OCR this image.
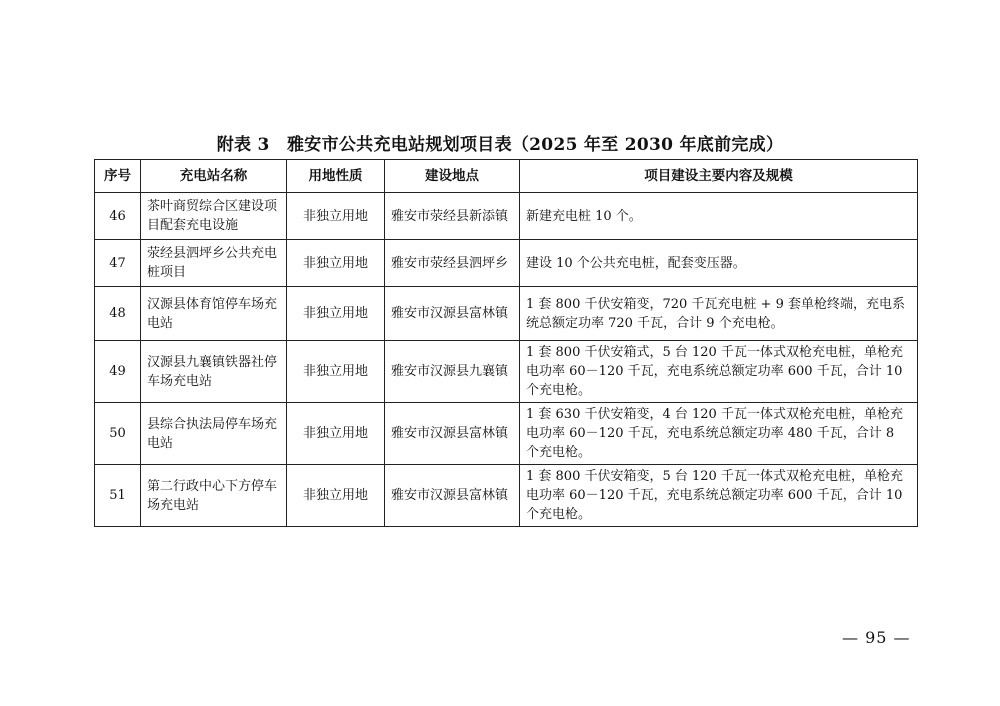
附表 3　雅安市公共充电站规划项目表（2025 年至 2030 年底前完成）
序号	充电站名称	用地性质	建设地点	项目建设主要内容及规模
46	茶叶商贸综合区建设项目配套充电设施	非独立用地	雅安市荥经县新添镇	新建充电桩 10 个。
47	荥经县泗坪乡公共充电桩项目	非独立用地	雅安市荥经县泗坪乡	建设 10 个公共充电桩，配套变压器。
48	汉源县体育馆停车场充电站	非独立用地	雅安市汉源县富林镇	1 套 800 千伏安箱变，720 千瓦充电桩 + 9 套单枪终端，充电系统总额定功率 720 千瓦，合计 9 个充电枪。
49	汉源县九襄镇铁器社停车场充电站	非独立用地	雅安市汉源县九襄镇	1 套 800 千伏安箱式，5 台 120 千瓦一体式双枪充电桩，单枪充电功率 60－120 千瓦，充电系统总额定功率 600 千瓦，合计 10 个充电枪。
50	县综合执法局停车场充电站	非独立用地	雅安市汉源县富林镇	1 套 630 千伏安箱变，4 台 120 千瓦一体式双枪充电桩，单枪充电功率 60－120 千瓦，充电系统总额定功率 480 千瓦，合计 8 个充电枪。
51	第二行政中心下方停车场充电站	非独立用地	雅安市汉源县富林镇	1 套 800 千伏安箱变，5 台 120 千瓦一体式双枪充电桩，单枪充电功率 60－120 千瓦，充电系统总额定功率 600 千瓦，合计 10 个充电枪。
— 95 —
